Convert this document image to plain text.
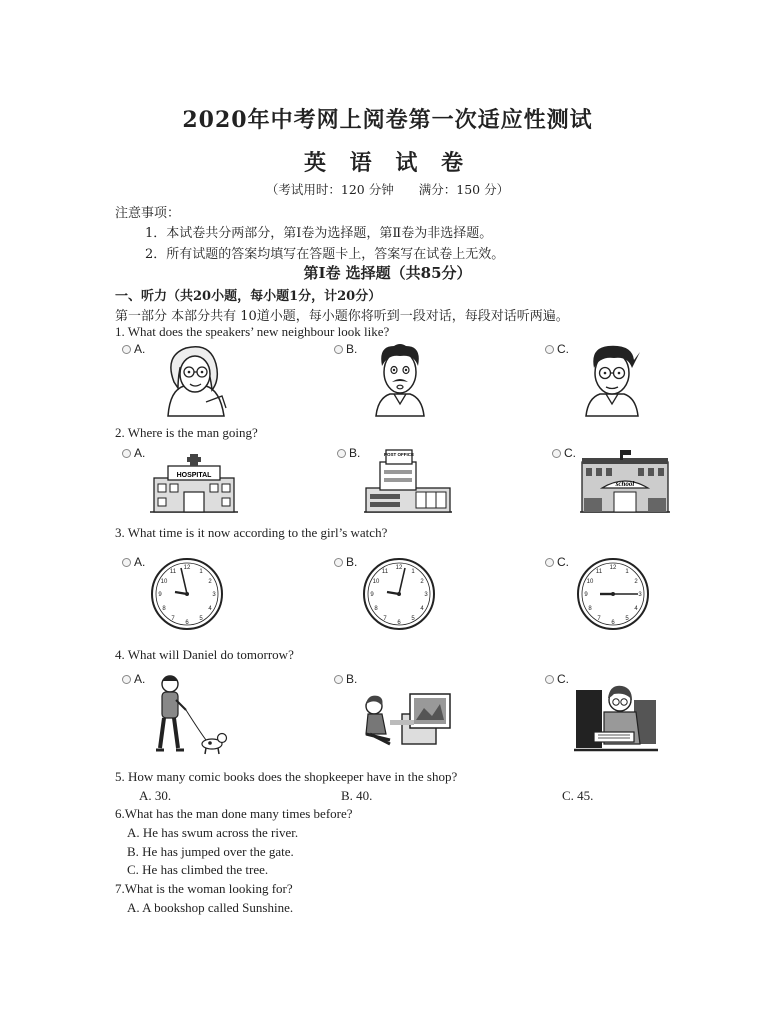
2020年中考网上阅卷第一次适应性测试
英 语 试 卷
（考试用时：120 分钟　　满分：150 分）
注意事项：
1．本试卷共分两部分，第Ⅰ卷为选择题，第Ⅱ卷为非选择题。
2．所有试题的答案均填写在答题卡上，答案写在试卷上无效。
第Ⅰ卷 选择题（共85分）
一、听力（共20小题，每小题1分，计20分）
第一部分 本部分共有 10道小题，每小题你将听到一段对话，每段对话听两遍。
1. What does the speakers’ new neighbour look like?
A.	B.	C.
2. Where is the man going?
A.	B.	C.
HOSPITAL
POST OFFICE
school
3. What time is it now according to the girl’s watch?
A.	B.	C.
12
3
6
9
1
2
4
5
7
8
10
11
12
3
6
9
1
2
4
5
7
8
10
11
12
3
6
9
1
2
4
5
7
8
10
11
4. What will Daniel do tomorrow?
A.	B.	C.
5. How many comic books does the shopkeeper have in the shop?
A. 30.	B. 40.	C. 45.
6.What has the man done many times before?
A. He has swum across the river.
B. He has jumped over the gate.
C. He has climbed the tree.
7.What is the woman looking for?
A. A bookshop called Sunshine.
